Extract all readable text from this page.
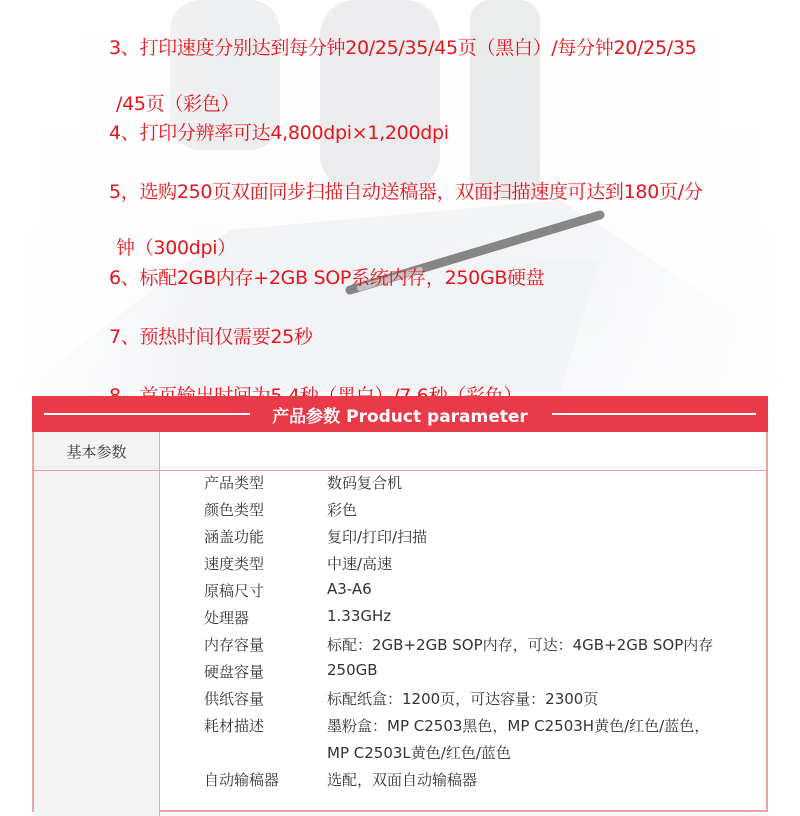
3、打印速度分别达到每分钟20/25/35/45页（黑白）/每分钟20/25/35

/45页（彩色）

4、打印分辨率可达4,800dpi×1,200dpi

5，选购250页双面同步扫描自动送稿器，双面扫描速度可达到180页/分

钟（300dpi）

6、标配2GB内存+2GB SOP系统内存，250GB硬盘

7、预热时间仅需要25秒

产品参数 Product parameter
基本参数
产品类型	数码复合机
颜色类型	彩色
涵盖功能	复印/打印/扫描
速度类型	中速/高速
原稿尺寸	A3-A6
处理器	1.33GHz
内存容量	标配：2GB+2GB SOP内存，可达：4GB+2GB SOP内存
硬盘容量	250GB
供纸容量	标配纸盒：1200页，可达容量：2300页
耗材描述	墨粉盒：MP C2503黑色，MP C2503H黄色/红色/蓝色，
MP C2503L黄色/红色/蓝色
自动输稿器	选配，双面自动输稿器
